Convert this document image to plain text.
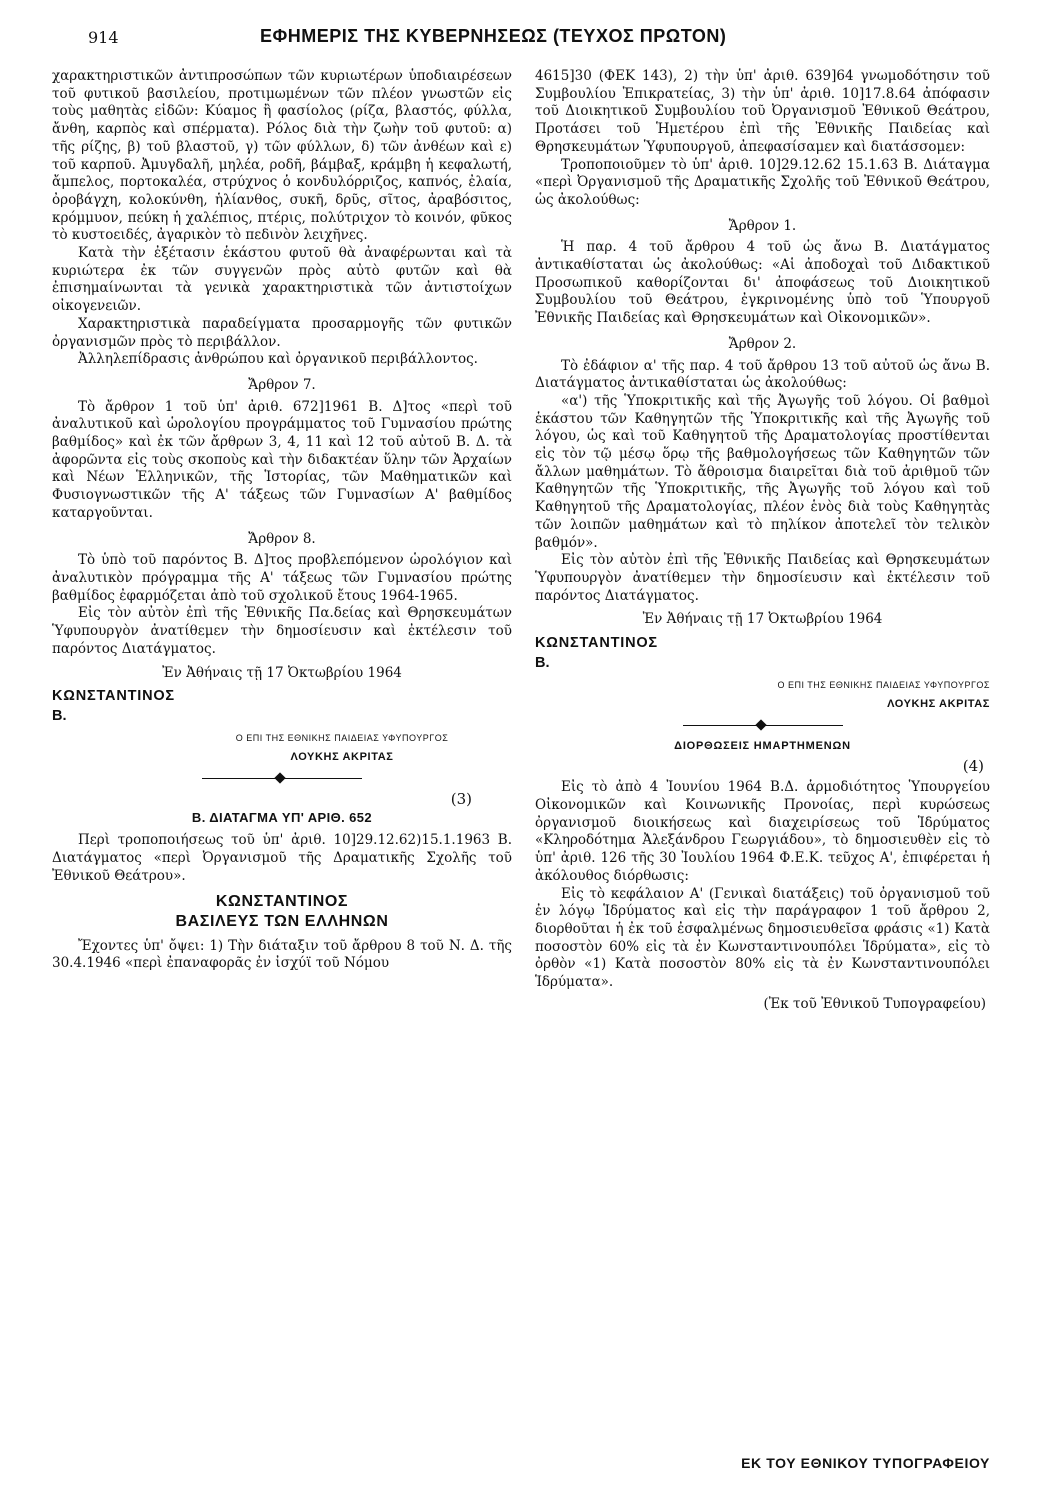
914	ΕΦΗΜΕΡΙΣ ΤΗΣ ΚΥΒΕΡΝΗΣΕΩΣ (ΤΕΥΧΟΣ ΠΡΩΤΟΝ)

χαρακτηριστικῶν ἀντιπροσώπων τῶν κυριωτέρων ὑποδιαιρέσεων τοῦ φυτικοῦ βασιλείου, προτιμωμένων τῶν πλέον γνωστῶν εἰς τοὺς μαθητὰς εἰδῶν: Κύαμος ἢ φασίολος (ρίζα, βλαστός, φύλλα, ἄνθη, καρπὸς καὶ σπέρματα). Ρόλος διὰ τὴν ζωὴν τοῦ φυτοῦ: α) τῆς ρίζης, β) τοῦ βλαστοῦ, γ) τῶν φύλλων, δ) τῶν ἀνθέων καὶ ε) τοῦ καρποῦ. Ἀμυγδαλῆ, μηλέα, ροδῆ, βάμβαξ, κράμβη ἡ κεφαλωτή, ἄμπελος, πορτοκαλέα, στρύχνος ὁ κονδυλόρριζος, καπνός, ἐλαία, ὀροβάγχη, κολοκύνθη, ἡλίανθος, συκῆ, δρῦς, σῖτος, ἀραβόσιτος, κρόμμυον, πεύκη ἡ χαλέπιος, πτέρις, πολύτριχον τὸ κοινόν, φῦκος τὸ κυστοειδές, ἀγαρικὸν τὸ πεδινὸν λειχῆνες.

Κατὰ τὴν ἐξέτασιν ἑκάστου φυτοῦ θὰ ἀναφέρωνται καὶ τὰ κυριώτερα ἐκ τῶν συγγενῶν πρὸς αὐτὸ φυτῶν καὶ θὰ ἐπισημαίνωνται τὰ γενικὰ χαρακτηριστικὰ τῶν ἀντιστοίχων οἰκογενειῶν.

Χαρακτηριστικὰ παραδείγματα προσαρμογῆς τῶν φυτικῶν ὀργανισμῶν πρὸς τὸ περιβάλλον.

Ἀλληλεπίδρασις ἀνθρώπου καὶ ὀργανικοῦ περιβάλλοντος.

Ἄρθρον 7.

Τὸ ἄρθρον 1 τοῦ ὑπ' ἀριθ. 672]1961 Β. Δ]τος «περὶ τοῦ ἀναλυτικοῦ καὶ ὡρολογίου προγράμματος τοῦ Γυμνασίου πρώτης βαθμίδος» καὶ ἐκ τῶν ἄρθρων 3, 4, 11 καὶ 12 τοῦ αὐτοῦ Β. Δ. τὰ ἀφορῶντα εἰς τοὺς σκοποὺς καὶ τὴν διδακτέαν ὕλην τῶν Ἀρχαίων καὶ Νέων Ἑλληνικῶν, τῆς Ἱστορίας, τῶν Μαθηματικῶν καὶ Φυσιογνωστικῶν τῆς Α' τάξεως τῶν Γυμνασίων Α' βαθμίδος καταργοῦνται.

Ἄρθρον 8.

Τὸ ὑπὸ τοῦ παρόντος Β. Δ]τος προβλεπόμενον ὡρολόγιον καὶ ἀναλυτικὸν πρόγραμμα τῆς Α' τάξεως τῶν Γυμνασίου πρώτης βαθμίδος ἐφαρμόζεται ἀπὸ τοῦ σχολικοῦ ἔτους 1964-1965.

Εἰς τὸν αὐτὸν ἐπὶ τῆς Ἐθνικῆς Πα.δείας καὶ Θρησκευμάτων Ὑφυπουργὸν ἀνατίθεμεν τὴν δημοσίευσιν καὶ ἐκτέλεσιν τοῦ παρόντος Διατάγματος.

Ἐν Ἀθήναις τῇ 17 Ὀκτωβρίου 1964
ΚΩΝΣΤΑΝΤΙΝΟΣ
Β.
Ο ΕΠΙ ΤΗΣ ΕΘΝΙΚΗΣ ΠΑΙΔΕΙΑΣ ΥΦΥΠΟΥΡΓΟΣ
ΛΟΥΚΗΣ ΑΚΡΙΤΑΣ
(3)
Β. ΔΙΑΤΑΓΜΑ ΥΠ' ΑΡΙΘ. 652

Περὶ τροποποιήσεως τοῦ ὑπ' ἀριθ. 10]29.12.62)15.1.1963 Β. Διατάγματος «περὶ Ὀργανισμοῦ τῆς Δραματικῆς Σχολῆς τοῦ Ἐθνικοῦ Θεάτρου».

ΚΩΝΣΤΑΝΤΙΝΟΣ
ΒΑΣΙΛΕΥΣ ΤΩΝ ΕΛΛΗΝΩΝ

Ἔχοντες ὑπ' ὄψει: 1) Τὴν διάταξιν τοῦ ἄρθρου 8 τοῦ Ν. Δ. τῆς 30.4.1946 «περὶ ἐπαναφορᾶς ἐν ἰσχύϊ τοῦ Νόμου

4615]30 (ΦΕΚ 143), 2) τὴν ὑπ' ἀριθ. 639]64 γνωμοδότησιν τοῦ Συμβουλίου Ἐπικρατείας, 3) τὴν ὑπ' ἀριθ. 10]17.8.64 ἀπόφασιν τοῦ Διοικητικοῦ Συμβουλίου τοῦ Ὀργανισμοῦ Ἐθνικοῦ Θεάτρου, Προτάσει τοῦ Ἡμετέρου ἐπὶ τῆς Ἐθνικῆς Παιδείας καὶ Θρησκευμάτων Ὑφυπουργοῦ, ἀπεφασίσαμεν καὶ διατάσσομεν:

Τροποποιοῦμεν τὸ ὑπ' ἀριθ. 10]29.12.62 15.1.63 Β. Διάταγμα «περὶ Ὀργανισμοῦ τῆς Δραματικῆς Σχολῆς τοῦ Ἐθνικοῦ Θεάτρου, ὡς ἀκολούθως:

Ἄρθρον 1.

Ἡ παρ. 4 τοῦ ἄρθρου 4 τοῦ ὡς ἄνω Β. Διατάγματος ἀντικαθίσταται ὡς ἀκολούθως: «Αἱ ἀποδοχαὶ τοῦ Διδακτικοῦ Προσωπικοῦ καθορίζονται δι' ἀποφάσεως τοῦ Διοικητικοῦ Συμβουλίου τοῦ Θεάτρου, ἐγκρινομένης ὑπὸ τοῦ Ὑπουργοῦ Ἐθνικῆς Παιδείας καὶ Θρησκευμάτων καὶ Οἰκονομικῶν».

Ἄρθρον 2.

Τὸ ἐδάφιον α' τῆς παρ. 4 τοῦ ἄρθρου 13 τοῦ αὐτοῦ ὡς ἄνω Β. Διατάγματος ἀντικαθίσταται ὡς ἀκολούθως:

«α') τῆς Ὑποκριτικῆς καὶ τῆς Ἀγωγῆς τοῦ λόγου. Οἱ βαθμοὶ ἑκάστου τῶν Καθηγητῶν τῆς Ὑποκριτικῆς καὶ τῆς Ἀγωγῆς τοῦ λόγου, ὡς καὶ τοῦ Καθηγητοῦ τῆς Δραματολογίας προστίθενται εἰς τὸν τῷ μέσῳ ὅρῳ τῆς βαθμολογήσεως τῶν Καθηγητῶν τῶν ἄλλων μαθημάτων. Τὸ ἄθροισμα διαιρεῖται διὰ τοῦ ἀριθμοῦ τῶν Καθηγητῶν τῆς Ὑποκριτικῆς, τῆς Ἀγωγῆς τοῦ λόγου καὶ τοῦ Καθηγητοῦ τῆς Δραματολογίας, πλέον ἑνὸς διὰ τοὺς Καθηγητὰς τῶν λοιπῶν μαθημάτων καὶ τὸ πηλίκον ἀποτελεῖ τὸν τελικὸν βαθμόν».

Εἰς τὸν αὐτὸν ἐπὶ τῆς Ἐθνικῆς Παιδείας καὶ Θρησκευμάτων Ὑφυπουργὸν ἀνατίθεμεν τὴν δημοσίευσιν καὶ ἐκτέλεσιν τοῦ παρόντος Διατάγματος.

Ἐν Ἀθήναις τῇ 17 Ὀκτωβρίου 1964
ΚΩΝΣΤΑΝΤΙΝΟΣ
Β.
Ο ΕΠΙ ΤΗΣ ΕΘΝΙΚΗΣ ΠΑΙΔΕΙΑΣ ΥΦΥΠΟΥΡΓΟΣ
ΛΟΥΚΗΣ ΑΚΡΙΤΑΣ
ΔΙΟΡΘΩΣΕΙΣ ΗΜΑΡΤΗΜΕΝΩΝ
(4)

Εἰς τὸ ἀπὸ 4 Ἰουνίου 1964 Β.Δ. ἁρμοδιότητος Ὑπουργείου Οἰκονομικῶν καὶ Κοινωνικῆς Προνοίας, περὶ κυρώσεως ὀργανισμοῦ διοικήσεως καὶ διαχειρίσεως τοῦ Ἱδρύματος «Κληροδότημα Ἀλεξάνδρου Γεωργιάδου», τὸ δημοσιευθὲν εἰς τὸ ὑπ' ἀριθ. 126 τῆς 30 Ἰουλίου 1964 Φ.Ε.Κ. τεῦχος Α', ἐπιφέρεται ἡ ἀκόλουθος διόρθωσις:

Εἰς τὸ κεφάλαιον Α' (Γενικαὶ διατάξεις) τοῦ ὀργανισμοῦ τοῦ ἐν λόγῳ Ἱδρύματος καὶ εἰς τὴν παράγραφον 1 τοῦ ἄρθρου 2, διορθοῦται ἡ ἐκ τοῦ ἐσφαλμένως δημοσιευθεῖσα φράσις «1) Κατὰ ποσοστὸν 60% εἰς τὰ ἐν Κωνσταντινουπόλει Ἱδρύματα», εἰς τὸ ὀρθὸν «1) Κατὰ ποσοστὸν 80% εἰς τὰ ἐν Κωνσταντινουπόλει Ἱδρύματα».

(Ἐκ τοῦ Ἐθνικοῦ Τυπογραφείου)
ΕΚ ΤΟΥ ΕΘΝΙΚΟΥ ΤΥΠΟΓΡΑΦΕΙΟΥ
